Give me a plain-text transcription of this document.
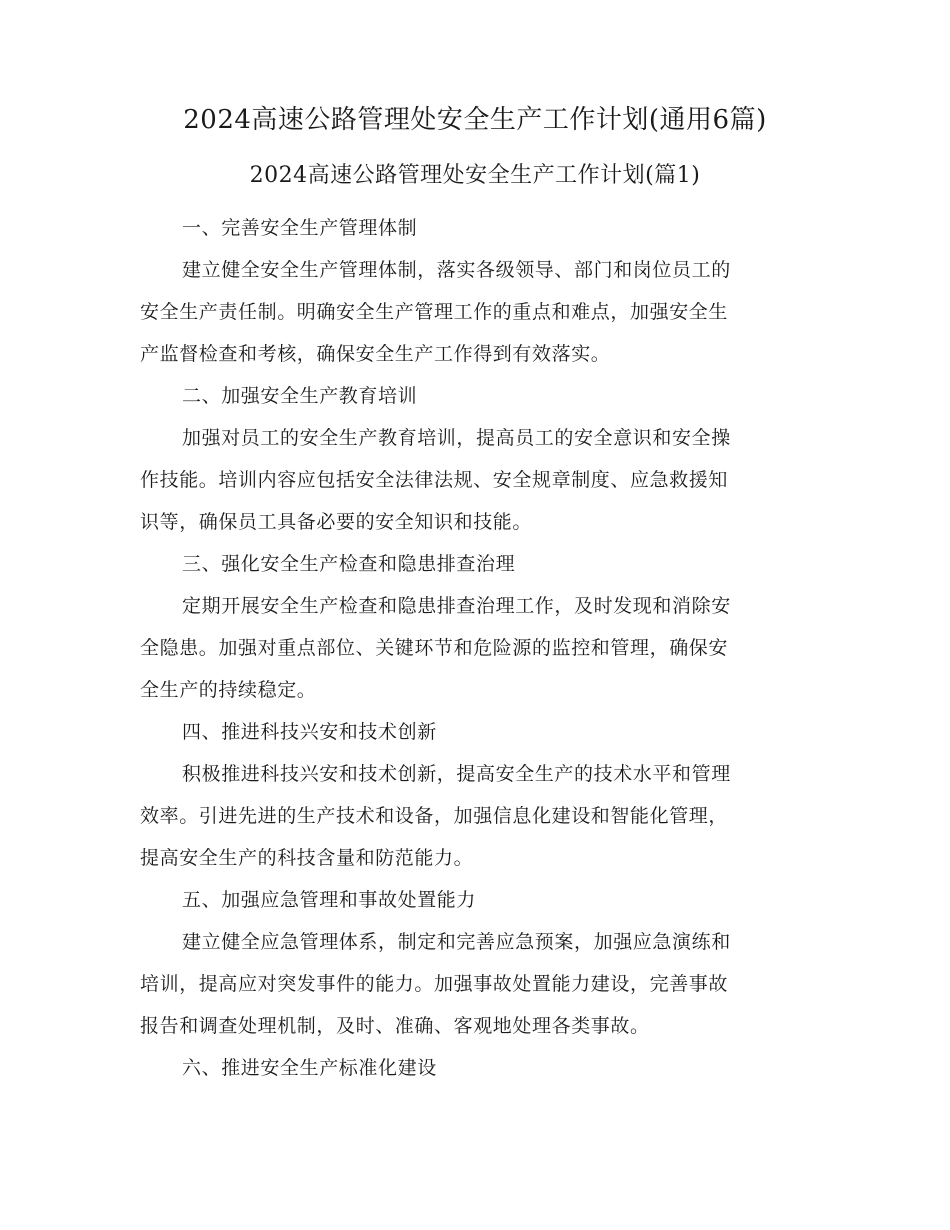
2024高速公路管理处安全生产工作计划(通用6篇)
2024高速公路管理处安全生产工作计划(篇1)

一、完善安全生产管理体制

建立健全安全生产管理体制，落实各级领导、部门和岗位员工的
安全生产责任制。明确安全生产管理工作的重点和难点，加强安全生
产监督检查和考核，确保安全生产工作得到有效落实。

二、加强安全生产教育培训

加强对员工的安全生产教育培训，提高员工的安全意识和安全操
作技能。培训内容应包括安全法律法规、安全规章制度、应急救援知
识等，确保员工具备必要的安全知识和技能。

三、强化安全生产检查和隐患排查治理

定期开展安全生产检查和隐患排查治理工作，及时发现和消除安
全隐患。加强对重点部位、关键环节和危险源的监控和管理，确保安
全生产的持续稳定。

四、推进科技兴安和技术创新

积极推进科技兴安和技术创新，提高安全生产的技术水平和管理
效率。引进先进的生产技术和设备，加强信息化建设和智能化管理，
提高安全生产的科技含量和防范能力。

五、加强应急管理和事故处置能力

建立健全应急管理体系，制定和完善应急预案，加强应急演练和
培训，提高应对突发事件的能力。加强事故处置能力建设，完善事故
报告和调查处理机制，及时、准确、客观地处理各类事故。

六、推进安全生产标准化建设
